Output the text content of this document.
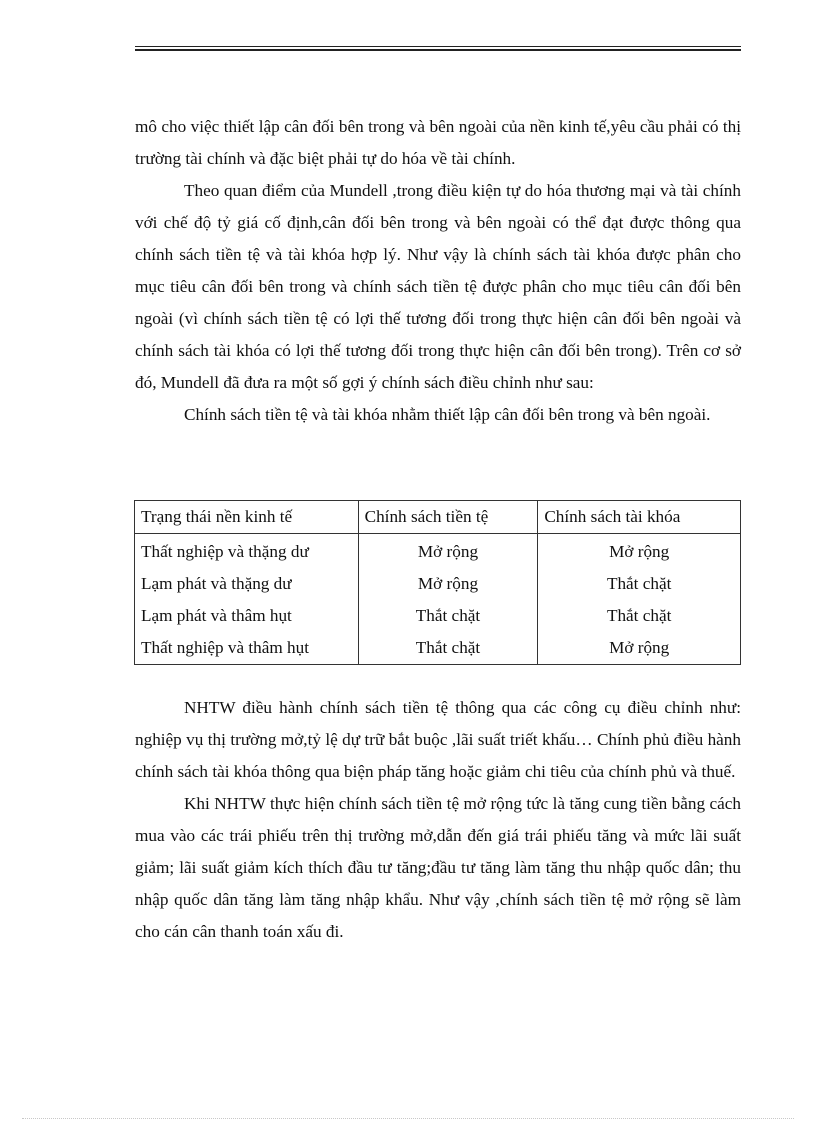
mô cho việc thiết lập cân đối bên trong và bên ngoài của nền kinh tế,yêu cầu phải có thị trường tài chính và đặc biệt phải tự do hóa về tài chính.

Theo quan điểm của Mundell ,trong điều kiện tự do hóa thương mại và tài chính với chế độ tỷ giá cố định,cân đối bên trong và bên ngoài có thể đạt được thông qua chính sách tiền tệ và tài khóa hợp lý. Như vậy là chính sách tài khóa được phân cho mục tiêu cân đối bên trong và chính sách tiền tệ được phân cho mục tiêu cân đối bên ngoài (vì chính sách tiền tệ có lợi thế tương đối trong thực hiện cân đối bên ngoài và chính sách tài khóa có lợi thế tương đối trong thực hiện cân đối bên trong). Trên cơ sở đó, Mundell đã đưa ra một số gợi ý chính sách điều chỉnh như sau:

Chính sách tiền tệ và tài khóa nhằm thiết lập cân đối bên trong và bên ngoài.

Trạng thái nền kinh tế	Chính sách tiền tệ	Chính sách tài khóa
Thất nghiệp và thặng dư	Mở rộng	Mở rộng
Lạm phát và thặng dư	Mở rộng	Thắt chặt
Lạm phát và thâm hụt	Thắt chặt	Thắt chặt
Thất nghiệp và thâm hụt	Thắt chặt	Mở rộng

NHTW điều hành chính sách tiền tệ thông qua các công cụ điều chỉnh như: nghiệp vụ thị trường mở,tỷ lệ dự trữ bắt buộc ,lãi suất triết khấu… Chính phủ điều hành chính sách tài khóa thông qua biện pháp tăng hoặc giảm chi tiêu của chính phủ và thuế.

Khi NHTW thực hiện chính sách tiền tệ mở rộng tức là tăng cung tiền bằng cách mua vào các trái phiếu trên thị trường mở,dẫn đến giá trái phiếu tăng và mức lãi suất giảm; lãi suất giảm kích thích đầu tư tăng;đầu tư tăng làm tăng thu nhập quốc dân; thu nhập quốc dân tăng làm tăng nhập khẩu. Như vậy ,chính sách tiền tệ mở rộng sẽ làm cho cán cân thanh toán xấu đi.
